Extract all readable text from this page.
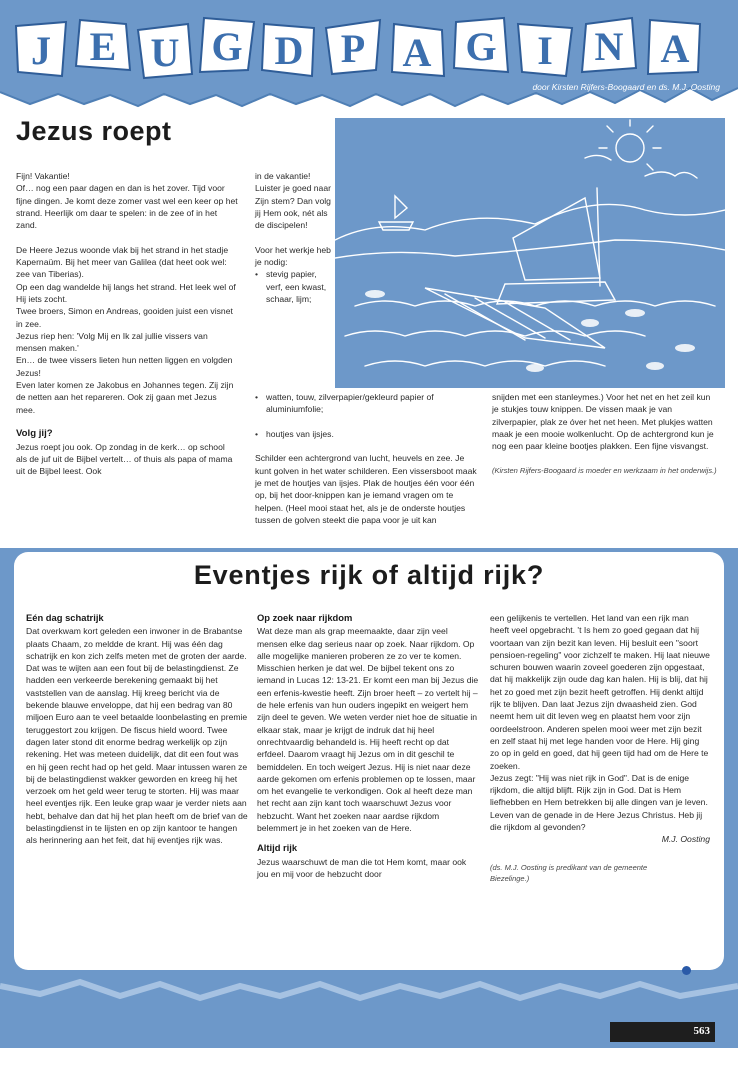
J E U G D P A G I N A
door Kirsten Rijfers-Boogaard en ds. M.J. Oosting
Jezus roept

Fijn! Vakantie!

Of… nog een paar dagen en dan is het zover. Tijd voor fijne dingen. Je komt deze zomer vast wel een keer op het strand. Heerlijk om daar te spelen: in de zee of in het zand.

De Heere Jezus woonde vlak bij het strand in het stadje Kapernaüm. Bij het meer van Galilea (dat heet ook wel: zee van Tiberias).

Op een dag wandelde hij langs het strand. Het leek wel of Hij iets zocht.

Twee broers, Simon en Andreas, gooiden juist een visnet in zee.

Jezus riep hen: 'Volg Mij en Ik zal jullie vissers van mensen maken.'

En… de twee vissers lieten hun netten liggen en volgden Jezus!

Even later komen ze Jakobus en Johannes tegen. Zij zijn de netten aan het repareren. Ook zij gaan met Jezus mee.

Volg jij?

Jezus roept jou ook. Op zondag in de kerk… op school als de juf uit de Bijbel vertelt… of thuis als papa of mama uit de Bijbel leest. Ook

in de vakantie! Luister je goed naar Zijn stem? Dan volg jij Hem ook, nét als de discipelen!

Voor het werkje heb je nodig:

• stevig papier, verf, een kwast, schaar, lijm;

• watten, touw, zilverpapier/gekleurd papier of aluminiumfolie;

• houtjes van ijsjes.

Schilder een achtergrond van lucht, heuvels en zee. Je kunt golven in het water schilderen. Een vissersboot maak je met de houtjes van ijsjes. Plak de houtjes één voor één op, bij het door-knippen kan je iemand vragen om te helpen. (Heel mooi staat het, als je de onderste houtjes tussen de golven steekt die papa voor je uit kan

snijden met een stanleymes.) Voor het net en het zeil kun je stukjes touw knippen. De vissen maak je van zilverpapier, plak ze óver het net heen. Met plukjes watten maak je een mooie wolkenlucht. Op de achtergrond kun je nog een paar kleine bootjes plakken. Een fijne visvangst.

(Kirsten Rijfers-Boogaard is moeder en werkzaam in het onderwijs.)

Eventjes rijk of altijd rijk?
Eén dag schatrijk

Dat overkwam kort geleden een inwoner in de Brabantse plaats Chaam, zo meldde de krant. Hij was één dag schatrijk en kon zich zelfs meten met de groten der aarde. Dat was te wijten aan een fout bij de belastingdienst. Ze hadden een verkeerde berekening gemaakt bij het vaststellen van de aanslag. Hij kreeg bericht via de bekende blauwe enveloppe, dat hij een bedrag van 80 miljoen Euro aan te veel betaalde loonbelasting en premie teruggestort zou krijgen. De fiscus hield woord. Twee dagen later stond dit enorme bedrag werkelijk op zijn rekening. Het was meteen duidelijk, dat dit een fout was en hij geen recht had op het geld. Maar intussen waren ze bij de belastingdienst wakker geworden en kreeg hij het verzoek om het geld weer terug te storten. Hij was maar heel eventjes rijk. Een leuke grap waar je verder niets aan hebt, behalve dan dat hij het plan heeft om de brief van de belastingdienst in te lijsten en op zijn kantoor te hangen als herinnering aan het feit, dat hij eventjes rijk was.

Op zoek naar rijkdom

Wat deze man als grap meemaakte, daar zijn veel mensen elke dag serieus naar op zoek. Naar rijkdom. Op alle mogelijke manieren proberen ze zo ver te komen. Misschien herken je dat wel. De bijbel tekent ons zo iemand in Lucas 12: 13-21. Er komt een man bij Jezus die een erfenis-kwestie heeft. Zijn broer heeft – zo vertelt hij – de hele erfenis van hun ouders ingepikt en weigert hem zijn deel te geven. We weten verder niet hoe de situatie in elkaar stak, maar je krijgt de indruk dat hij heel onrechtvaardig behandeld is. Hij heeft recht op dat erfdeel. Daarom vraagt hij Jezus om in dit geschil te bemiddelen. En toch weigert Jezus. Hij is niet naar deze aarde gekomen om erfenis problemen op te lossen, maar om het evangelie te verkondigen. Ook al heeft deze man het recht aan zijn kant toch waarschuwt Jezus voor hebzucht. Want het zoeken naar aardse rijkdom belemmert je in het zoeken van de Here.

Altijd rijk

Jezus waarschuwt de man die tot Hem komt, maar ook jou en mij voor de hebzucht door

een gelijkenis te vertellen. Het land van een rijk man heeft veel opgebracht. 't Is hem zo goed gegaan dat hij voortaan van zijn bezit kan leven. Hij besluit een "soort pensioen-regeling" voor zichzelf te maken. Hij laat nieuwe schuren bouwen waarin zoveel goederen zijn opgestaat, dat hij makkelijk zijn oude dag kan halen. Hij is blij, dat hij het zo goed met zijn bezit heeft getroffen. Hij denkt altijd rijk te blijven. Dan laat Jezus zijn dwaasheid zien. God neemt hem uit dit leven weg en plaatst hem voor zijn oordeelstroon. Anderen spelen mooi weer met zijn bezit en zelf staat hij met lege handen voor de Here. Hij ging zo op in geld en goed, dat hij geen tijd had om de Here te zoeken.

Jezus zegt: "Hij was niet rijk in God". Dat is de enige rijkdom, die altijd blijft. Rijk zijn in God. Dat is Hem liefhebben en Hem betrekken bij alle dingen van je leven. Leven van de genade in de Here Jezus Christus. Heb jij die rijkdom al gevonden?

M.J. Oosting

(ds. M.J. Oosting is predikant van de gemeente Biezelinge.)

563
